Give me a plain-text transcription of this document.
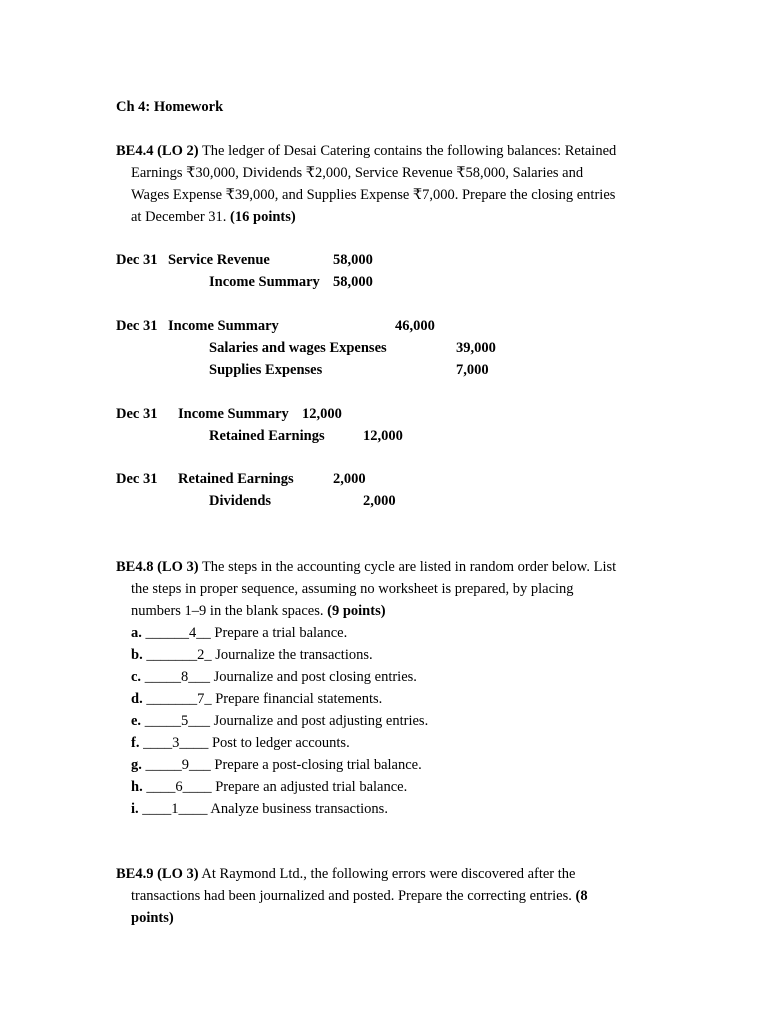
Ch 4: Homework
BE4.4 (LO 2) The ledger of Desai Catering contains the following balances: Retained
Earnings ₹30,000, Dividends ₹2,000, Service Revenue ₹58,000, Salaries and
Wages Expense ₹39,000, and Supplies Expense ₹7,000. Prepare the closing entries
at December 31. (16 points)
Dec 31 Service Revenue	58,000
Income Summary 58,000
Dec 31 Income Summary	46,000
Salaries and wages Expenses	39,000
Supplies Expenses	7,000
Dec 31 Income Summary 12,000
Retained Earnings	12,000
Dec 31 Retained Earnings	2,000
Dividends	2,000
BE4.8 (LO 3) The steps in the accounting cycle are listed in random order below. List
the steps in proper sequence, assuming no worksheet is prepared, by placing
numbers 1–9 in the blank spaces. (9 points)
a. ______4__ Prepare a trial balance.
b. _______2_ Journalize the transactions.
c. _____8___ Journalize and post closing entries.
d. _______7_ Prepare financial statements.
e. _____5___ Journalize and post adjusting entries.
f. ____3____ Post to ledger accounts.
g. _____9___ Prepare a post-closing trial balance.
h. ____6____ Prepare an adjusted trial balance.
i. ____1____ Analyze business transactions.
BE4.9 (LO 3) At Raymond Ltd., the following errors were discovered after the
transactions had been journalized and posted. Prepare the correcting entries. (8
points)
